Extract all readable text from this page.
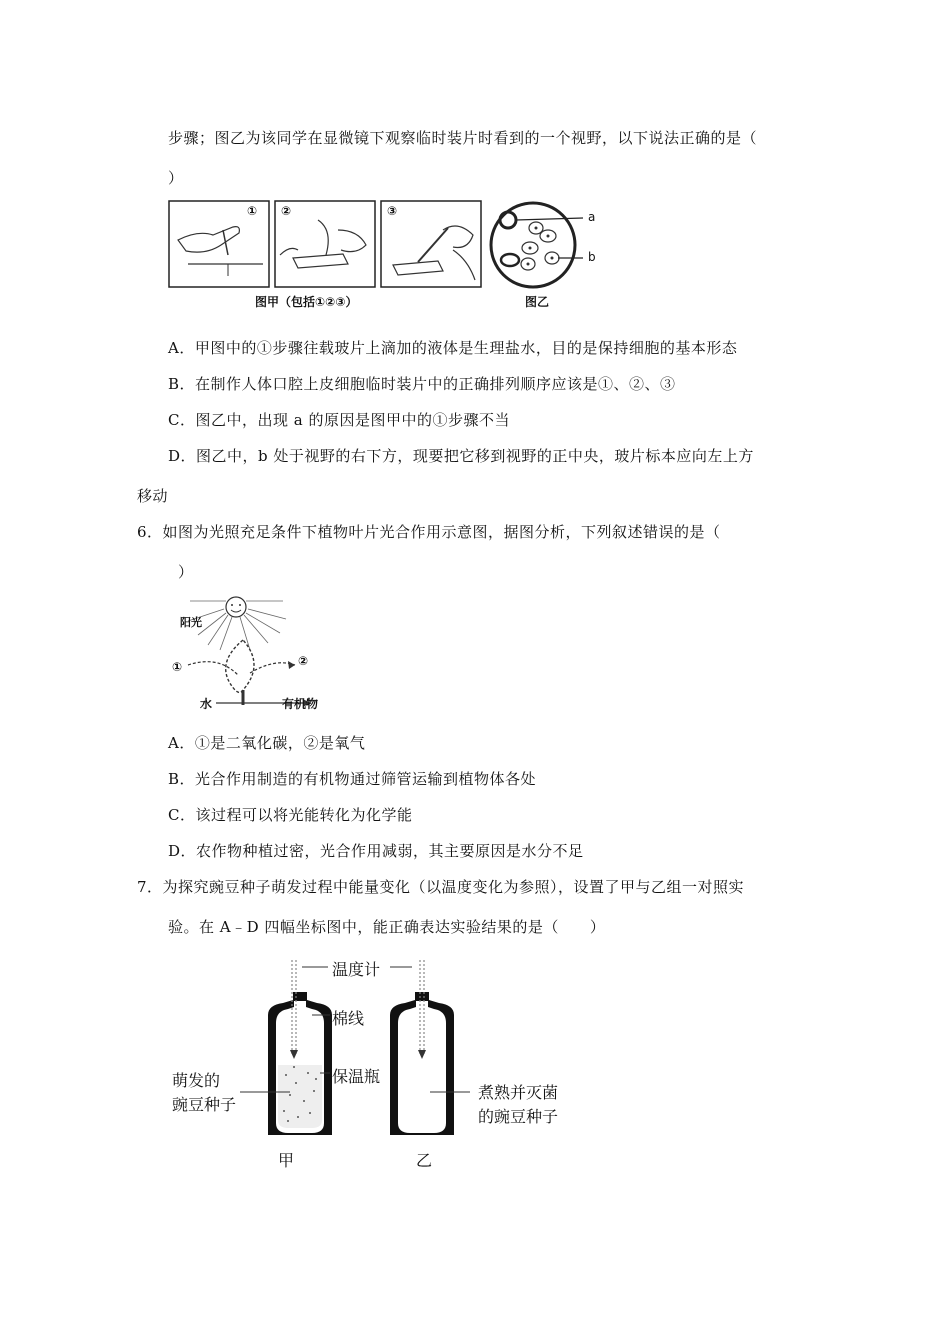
步骤；图乙为该同学在显微镜下观察临时装片时看到的一个视野，以下说法正确的是（
）
① ②	③	a
b
图甲（包括①②③）	图乙
A．甲图中的①步骤往载玻片上滴加的液体是生理盐水，目的是保持细胞的基本形态
B．在制作人体口腔上皮细胞临时装片中的正确排列顺序应该是①、②、③
C．图乙中，出现 a 的原因是图甲中的①步骤不当
D．图乙中，b 处于视野的右下方，现要把它移到视野的正中央，玻片标本应向左上方
移动
6．如图为光照充足条件下植物叶片光合作用示意图，据图分析，下列叙述错误的是（
）
阳光
①	②
水	有机物
A．①是二氧化碳，②是氧气
B．光合作用制造的有机物通过筛管运输到植物体各处
C．该过程可以将光能转化为化学能
D．农作物种植过密，光合作用减弱，其主要原因是水分不足
7．为探究豌豆种子萌发过程中能量变化（以温度变化为参照），设置了甲与乙组一对照实
验。在 A﹣D 四幅坐标图中，能正确表达实验结果的是（　　）
温度计
棉线
保温瓶
萌发的
豌豆种子
煮熟并灭菌
的豌豆种子
甲	乙
